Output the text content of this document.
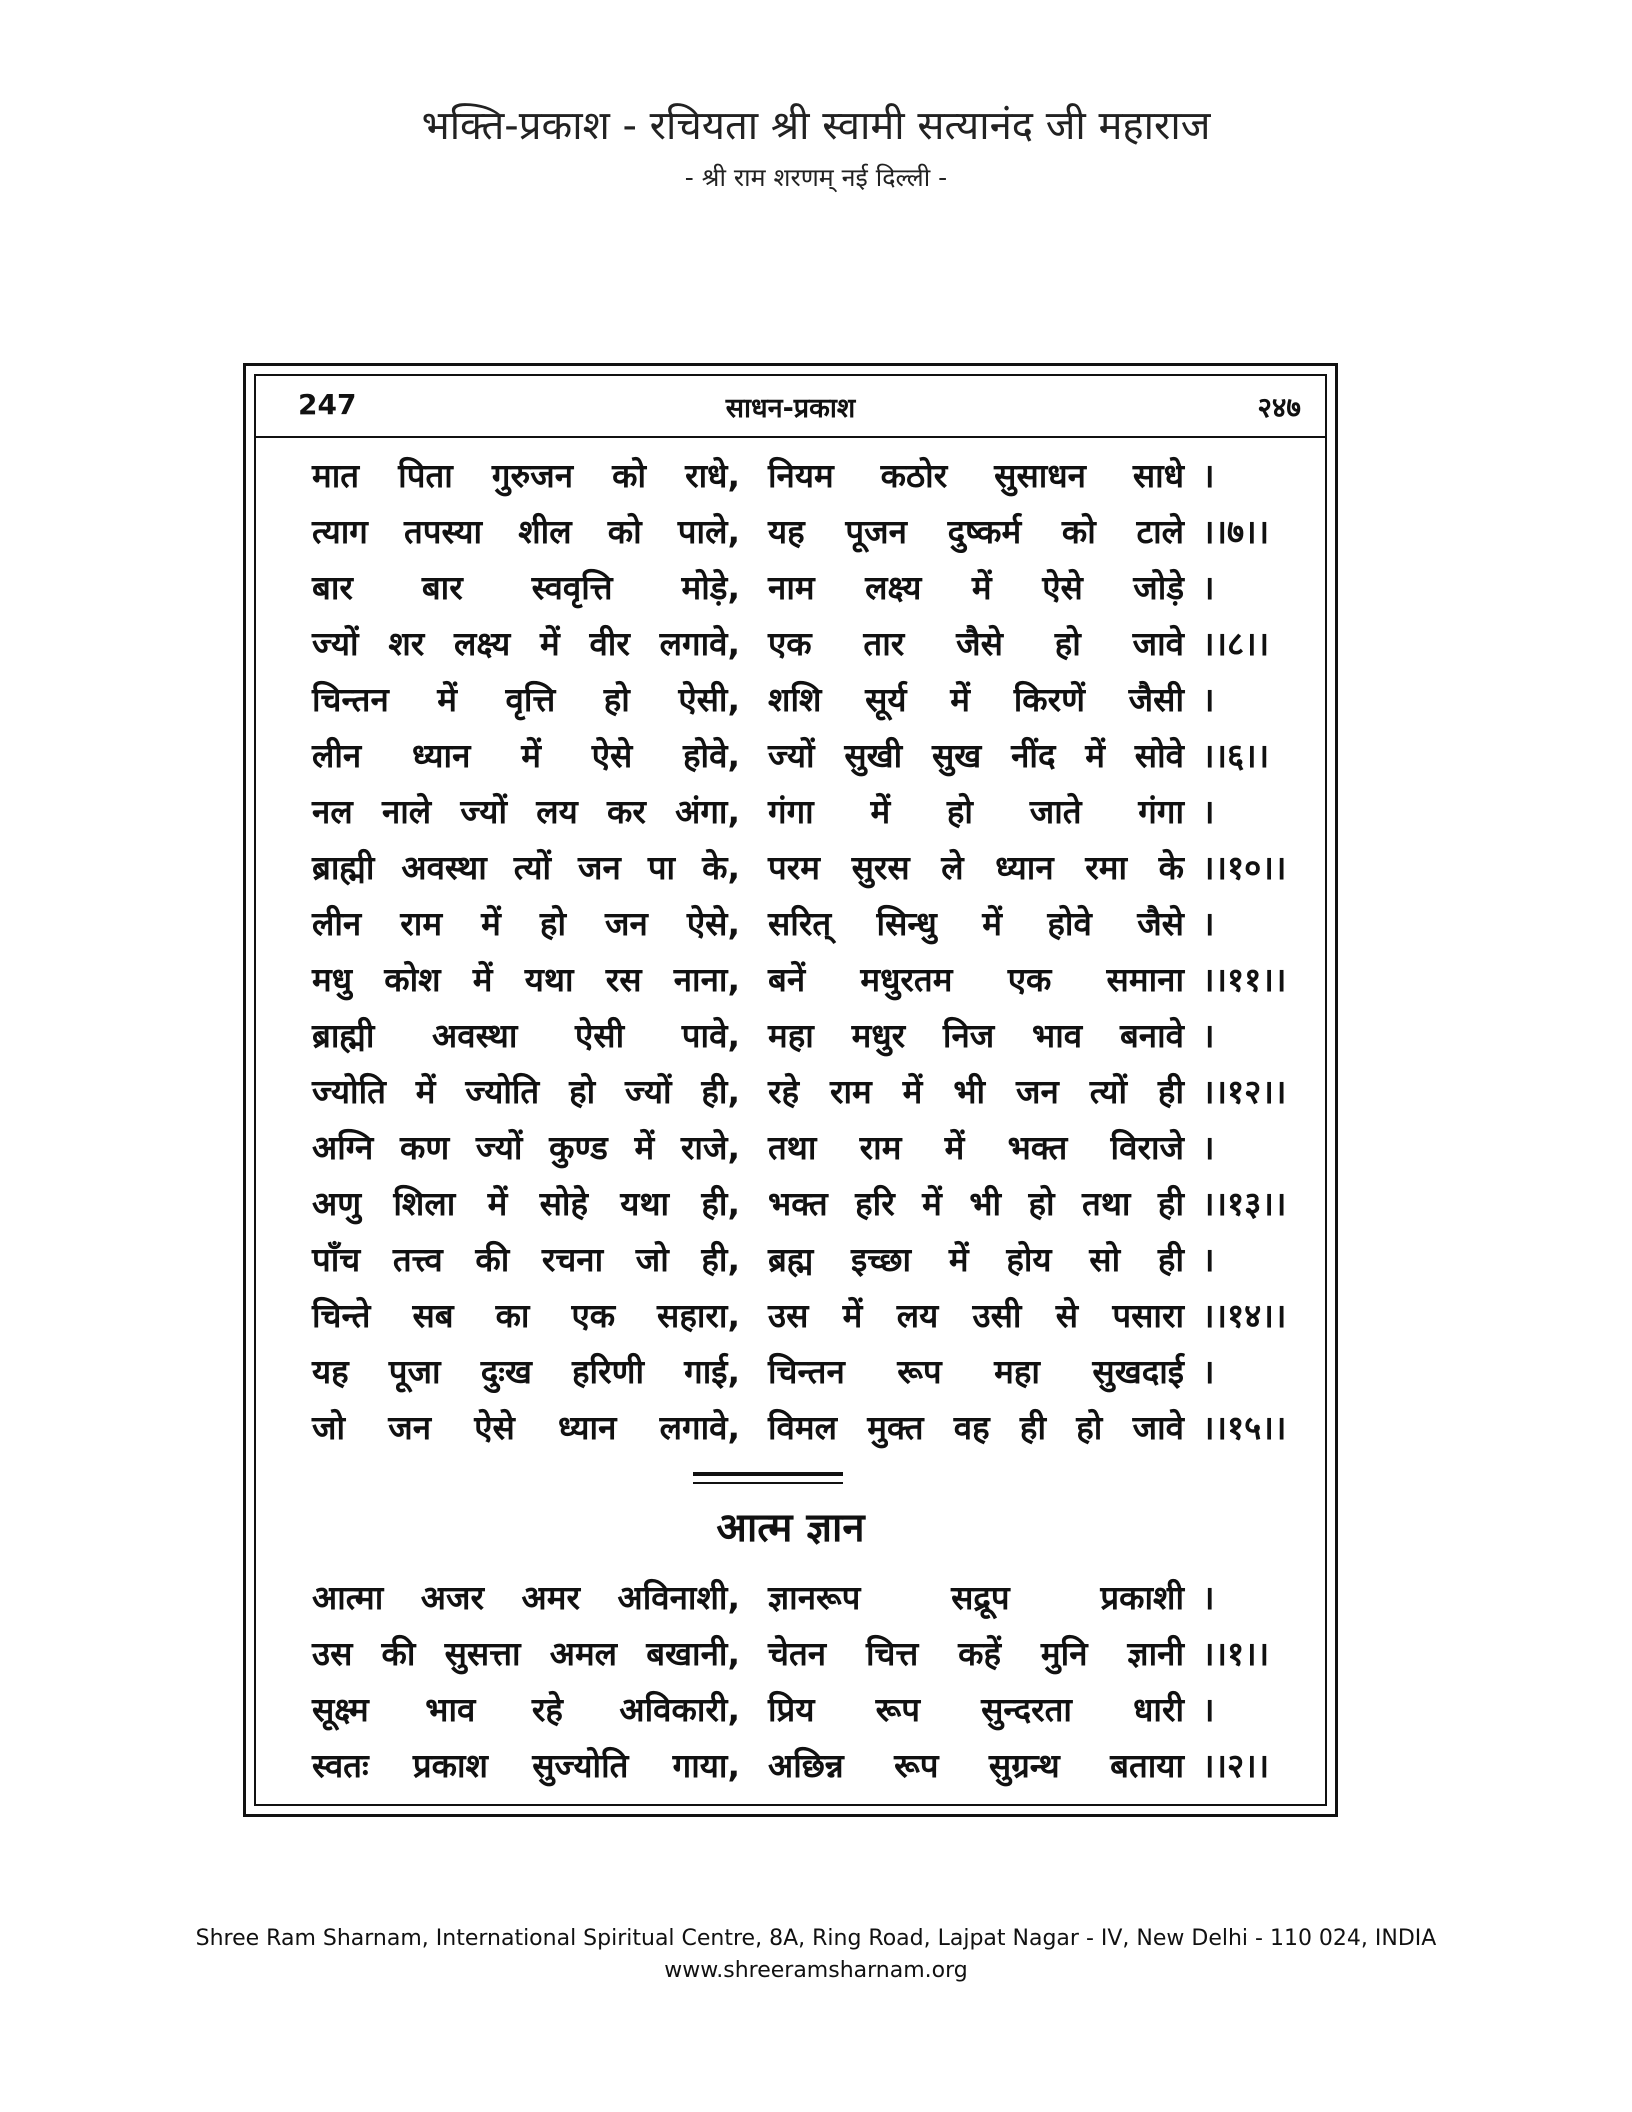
भक्ति-प्रकाश - रचियता श्री स्वामी सत्यानंद जी महाराज
- श्री राम शरणम् नई दिल्ली -
247	साधन-प्रकाश	२४७
मात पिता गुरुजन को राधे, नियम कठोर सुसाधन साधे ।
त्याग तपस्या शील को पाले, यह पूजन दुष्कर्म को टाले ।।७।।
बार बार स्ववृत्ति मोड़े, नाम लक्ष्य में ऐसे जोड़े ।
ज्यों शर लक्ष्य में वीर लगावे, एक तार जैसे हो जावे ।।८।।
चिन्तन में वृत्ति हो ऐसी, शशि सूर्य में किरणें जैसी ।
लीन ध्यान में ऐसे होवे, ज्यों सुखी सुख नींद में सोवे ।।६।।
नल नाले ज्यों लय कर अंगा, गंगा में हो जाते गंगा ।
ब्राह्मी अवस्था त्यों जन पा के, परम सुरस ले ध्यान रमा के ।।१०।।
लीन राम में हो जन ऐसे, सरित् सिन्धु में होवे जैसे ।
मधु कोश में यथा रस नाना, बनें मधुरतम एक समाना ।।११।।
ब्राह्मी अवस्था ऐसी पावे, महा मधुर निज भाव बनावे ।
ज्योति में ज्योति हो ज्यों ही, रहे राम में भी जन त्यों ही ।।१२।।
अग्नि कण ज्यों कुण्ड में राजे, तथा राम में भक्त विराजे ।
अणु शिला में सोहे यथा ही, भक्त हरि में भी हो तथा ही ।।१३।।
पाँच तत्त्व की रचना जो ही, ब्रह्म इच्छा में होय सो ही ।
चिन्ते सब का एक सहारा, उस में लय उसी से पसारा ।।१४।।
यह पूजा दुःख हरिणी गाई, चिन्तन रूप महा सुखदाई ।
जो जन ऐसे ध्यान लगावे, विमल मुक्त वह ही हो जावे ।।१५।।
आत्म ज्ञान
आत्मा अजर अमर अविनाशी, ज्ञानरूप सद्रूप प्रकाशी ।
उस की सुसत्ता अमल बखानी, चेतन चित्त कहें मुनि ज्ञानी ।।१।।
सूक्ष्म भाव रहे अविकारी, प्रिय रूप सुन्दरता धारी ।
स्वतः प्रकाश सुज्योति गाया, अछिन्न रूप सुग्रन्थ बताया ।।२।।
Shree Ram Sharnam, International Spiritual Centre, 8A, Ring Road, Lajpat Nagar - IV, New Delhi - 110 024, INDIA
www.shreeramsharnam.org
